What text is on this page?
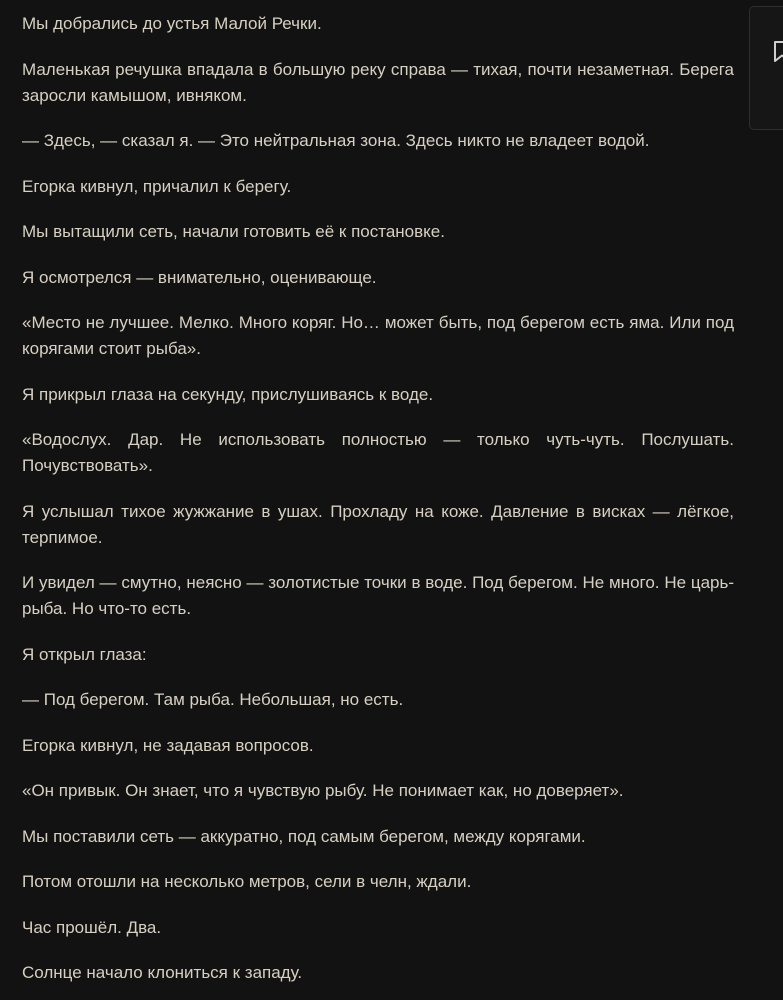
Мы добрались до устья Малой Речки.

Маленькая речушка впадала в большую реку справа — тихая, почти незаметная. Берега заросли камышом, ивняком.

— Здесь, — сказал я. — Это нейтральная зона. Здесь никто не владеет водой.

Егорка кивнул, причалил к берегу.

Мы вытащили сеть, начали готовить её к постановке.

Я осмотрелся — внимательно, оценивающе.

«Место не лучшее. Мелко. Много коряг. Но… может быть, под берегом есть яма. Или под корягами стоит рыба».

Я прикрыл глаза на секунду, прислушиваясь к воде.

«Водослух. Дар. Не использовать полностью — только чуть-чуть. Послушать. Почувствовать».

Я услышал тихое жужжание в ушах. Прохладу на коже. Давление в висках — лёгкое, терпимое.

И увидел — смутно, неясно — золотистые точки в воде. Под берегом. Не много. Не царь-рыба. Но что-то есть.

Я открыл глаза:

— Под берегом. Там рыба. Небольшая, но есть.

Егорка кивнул, не задавая вопросов.

«Он привык. Он знает, что я чувствую рыбу. Не понимает как, но доверяет».

Мы поставили сеть — аккуратно, под самым берегом, между корягами.

Потом отошли на несколько метров, сели в челн, ждали.

Час прошёл. Два.

Солнце начало клониться к западу.
